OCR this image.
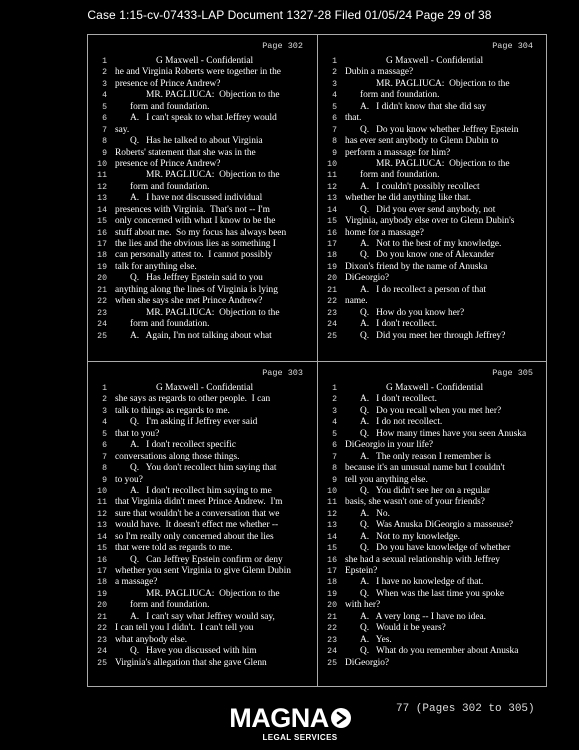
Case 1:15-cv-07433-LAP Document 1327-28 Filed 01/05/24 Page 29 of 38
Page 302
1	G Maxwell - Confidential
2 he and Virginia Roberts were together in the
3 presence of Prince Andrew?
4	MR. PAGLIUCA:  Objection to the
5 form and foundation.
6 A.   I can't speak to what Jeffrey would
7 say.
8 Q.   Has he talked to about Virginia
9 Roberts' statement that she was in the
10 presence of Prince Andrew?
11	MR. PAGLIUCA:  Objection to the
12 form and foundation.
13 A.   I have not discussed individual
14 presences with Virginia.  That's not -- I'm
15 only concerned with what I know to be the
16 stuff about me.  So my focus has always been
17 the lies and the obvious lies as something I
18 can personally attest to.  I cannot possibly
19 talk for anything else.
20 Q.   Has Jeffrey Epstein said to you
21 anything along the lines of Virginia is lying
22 when she says she met Prince Andrew?
23	MR. PAGLIUCA:  Objection to the
24 form and foundation.
25 A.   Again, I'm not talking about what
Page 304
1	G Maxwell - Confidential
2 Dubin a massage?
3	MR. PAGLIUCA:  Objection to the
4 form and foundation.
5 A.   I didn't know that she did say
6 that.
7 Q.   Do you know whether Jeffrey Epstein
8 has ever sent anybody to Glenn Dubin to
9 perform a massage for him?
10	MR. PAGLIUCA:  Objection to the
11 form and foundation.
12 A.   I couldn't possibly recollect
13 whether he did anything like that.
14 Q.   Did you ever send anybody, not
15 Virginia, anybody else over to Glenn Dubin's
16 home for a massage?
17 A.   Not to the best of my knowledge.
18 Q.   Do you know one of Alexander
19 Dixon's friend by the name of Anuska
20 DiGeorgio?
21 A.   I do recollect a person of that
22 name.
23 Q.   How do you know her?
24 A.   I don't recollect.
25 Q.   Did you meet her through Jeffrey?
Page 303
1	G Maxwell - Confidential
2 she says as regards to other people.  I can
3 talk to things as regards to me.
4 Q.   I'm asking if Jeffrey ever said
5 that to you?
6 A.   I don't recollect specific
7 conversations along those things.
8 Q.   You don't recollect him saying that
9 to you?
10 A.   I don't recollect him saying to me
11 that Virginia didn't meet Prince Andrew.  I'm
12 sure that wouldn't be a conversation that we
13 would have.  It doesn't effect me whether --
14 so I'm really only concerned about the lies
15 that were told as regards to me.
16 Q.   Can Jeffrey Epstein confirm or deny
17 whether you sent Virginia to give Glenn Dubin
18 a massage?
19	MR. PAGLIUCA:  Objection to the
20 form and foundation.
21 A.   I can't say what Jeffrey would say,
22 I can tell you I didn't.  I can't tell you
23 what anybody else.
24 Q.   Have you discussed with him
25 Virginia's allegation that she gave Glenn
Page 305
1	G Maxwell - Confidential
2 A.   I don't recollect.
3 Q.   Do you recall when you met her?
4 A.   I do not recollect.
5 Q.   How many times have you seen Anuska
6 DiGeorgio in your life?
7 A.   The only reason I remember is
8 because it's an unusual name but I couldn't
9 tell you anything else.
10 Q.   You didn't see her on a regular
11 basis, she wasn't one of your friends?
12 A.   No.
13 Q.   Was Anuska DiGeorgio a masseuse?
14 A.   Not to my knowledge.
15 Q.   Do you have knowledge of whether
16 she had a sexual relationship with Jeffrey
17 Epstein?
18 A.   I have no knowledge of that.
19 Q.   When was the last time you spoke
20 with her?
21 A.   A very long -- I have no idea.
22 Q.   Would it be years?
23 A.   Yes.
24 Q.   What do you remember about Anuska
25 DiGeorgio?
MAGNA
LEGAL SERVICES
77 (Pages 302 to 305)
